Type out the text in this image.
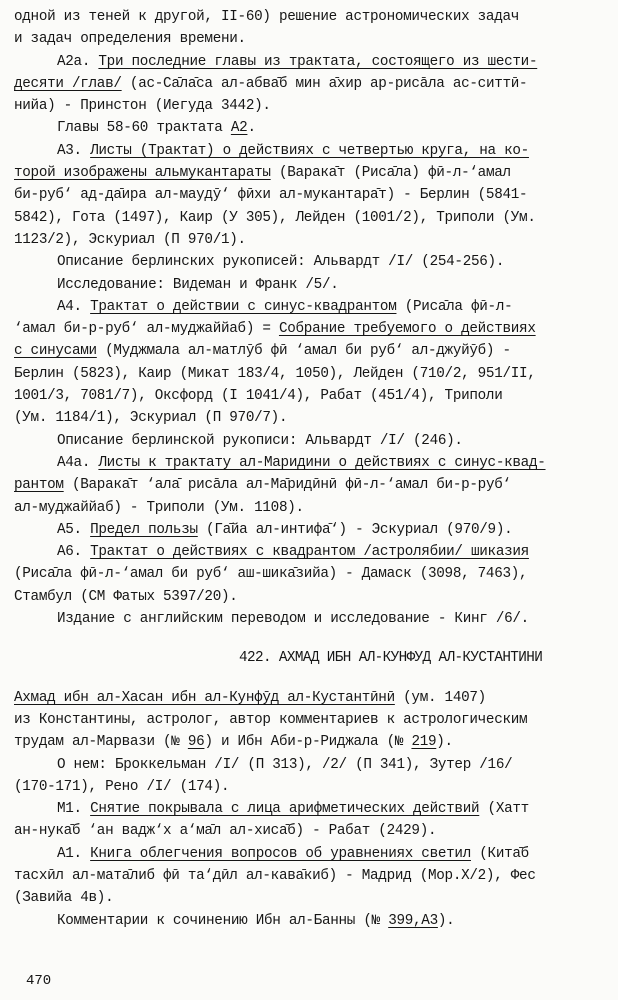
одной из теней к другой, II-60) решение астрономических задач
и задач определения времени.
А2а. Три последние главы из трактата, состоящего из шести-
десяти /глав/ (ас-Са̄ла̄са ал-абва̄б мин а̄хир ар-рисāла ас-ситтӣ-
нийа) - Принстон (Иегуда 3442).
Главы 58-60 трактата А2.
А3. Листы (Трактат) о действиях с четвертью круга, на ко-
торой изображены альмукантараты (Варака̄т (Риса̄ла) фӣ-л-‘амал
би-руб‘ ад-да̄ира ал-маудӯ‘ фӣхи ал-мукантара̄т) - Берлин (5841-
5842), Гота (1497), Каир (У 305), Лейден (1001/2), Триполи (Ум.
1123/2), Эскуриал (П 970/1).
Описание берлинских рукописей: Альвардт /I/ (254-256).
Исследование: Видеман и Франк /5/.
А4. Трактат о действии с синус-квадрантом (Риса̄ла фӣ-л-
‘амал би-р-руб‘ ал-муджаййаб) = Собрание требуемого о действиях
с синусами (Муджмала ал-матлӯб фӣ ‘амал би руб‘ ал-джуйӯб) -
Берлин (5823), Каир (Микат 183/4, 1050), Лейден (710/2, 951/II,
1001/3, 7081/7), Оксфорд (I 1041/4), Рабат (451/4), Триполи
(Ум. 1184/1), Эскуриал (П 970/7).
Описание берлинской рукописи: Альвардт /I/ (246).
А4а. Листы к трактату ал-Маридини о действиях с синус-квад-
рантом (Варака̄т ‘ала̄ рисāла ал-Ма̄ридӣнӣ фӣ-л-‘амал би-р-руб‘
ал-муджаййаб) - Триполи (Ум. 1108).
А5. Предел пользы (Га̄йа ал-интифа̄‘) - Эскуриал (970/9).
А6. Трактат о действиях с квадрантом /астролябии/ шиказия
(Риса̄ла фӣ-л-‘амал би руб‘ аш-шика̄зийа) - Дамаск (3098, 7463),
Стамбул (СМ Фатых 5397/20).
Издание с английским переводом и исследование - Кинг /6/.
422. АХМАД ИБН АЛ-КУНФУД АЛ-КУСТАНТИНИ
Ахмад ибн ал-Хасан ибн ал-Кунфӯд ал-Кустантӣнӣ (ум. 1407)
из Константины, астролог, автор комментариев к астрологическим
трудам ал-Марвази (№ 96) и Ибн Аби-р-Риджала (№ 219).
О нем: Броккельман /I/ (П 313), /2/ (П 341), Зутер /16/
(170-171), Рено /I/ (174).
М1. Снятие покрывала с лица арифметических действий (Хатт
ан-нука̄б ‘ан вадж‘х а‘ма̄л ал-хиса̄б) - Рабат (2429).
А1. Книга облегчения вопросов об уравнениях светил (Кита̄б
тасхӣл ал-мата̄либ фӣ та‘дӣл ал-кава̄киб) - Мадрид (Мор.Х/2), Фес
(Завийа 4в).
Комментарии к сочинению Ибн ал-Банны (№ 399,А3).
470
